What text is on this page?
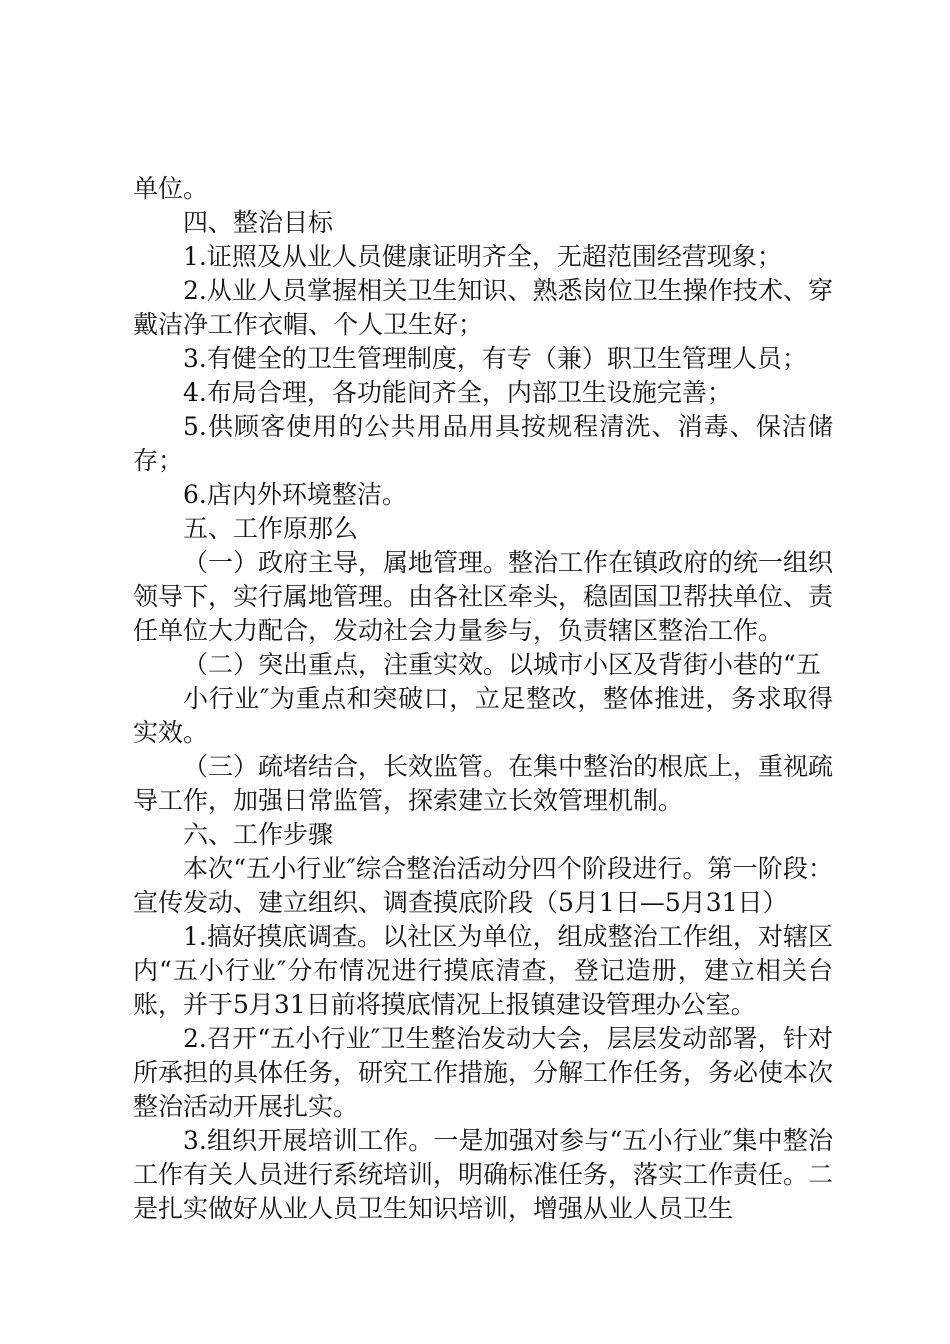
单位。

四、整治目标

1.证照及从业人员健康证明齐全，无超范围经营现象；

2.从业人员掌握相关卫生知识、熟悉岗位卫生操作技术、穿戴洁净工作衣帽、个人卫生好；

3.有健全的卫生管理制度，有专（兼）职卫生管理人员；

4.布局合理，各功能间齐全，内部卫生设施完善；

5.供顾客使用的公共用品用具按规程清洗、消毒、保洁储存；

6.店内外环境整洁。

五、工作原那么

（一）政府主导，属地管理。整治工作在镇政府的统一组织领导下，实行属地管理。由各社区牵头，稳固国卫帮扶单位、责任单位大力配合，发动社会力量参与，负责辖区整治工作。

（二）突出重点，注重实效。以城市小区及背街小巷的“五

小行业″为重点和突破口，立足整改，整体推进，务求取得实效。

（三）疏堵结合，长效监管。在集中整治的根底上，重视疏导工作，加强日常监管，探索建立长效管理机制。

六、工作步骤

本次“五小行业″综合整治活动分四个阶段进行。第一阶段：宣传发动、建立组织、调查摸底阶段（5月1日—5月31日）

1.搞好摸底调查。以社区为单位，组成整治工作组，对辖区内“五小行业″分布情况进行摸底清查，登记造册，建立相关台账，并于5月31日前将摸底情况上报镇建设管理办公室。

2.召开“五小行业″卫生整治发动大会，层层发动部署，针对所承担的具体任务，研究工作措施，分解工作任务，务必使本次整治活动开展扎实。

3.组织开展培训工作。一是加强对参与“五小行业″集中整治工作有关人员进行系统培训，明确标准任务，落实工作责任。二是扎实做好从业人员卫生知识培训，增强从业人员卫生
